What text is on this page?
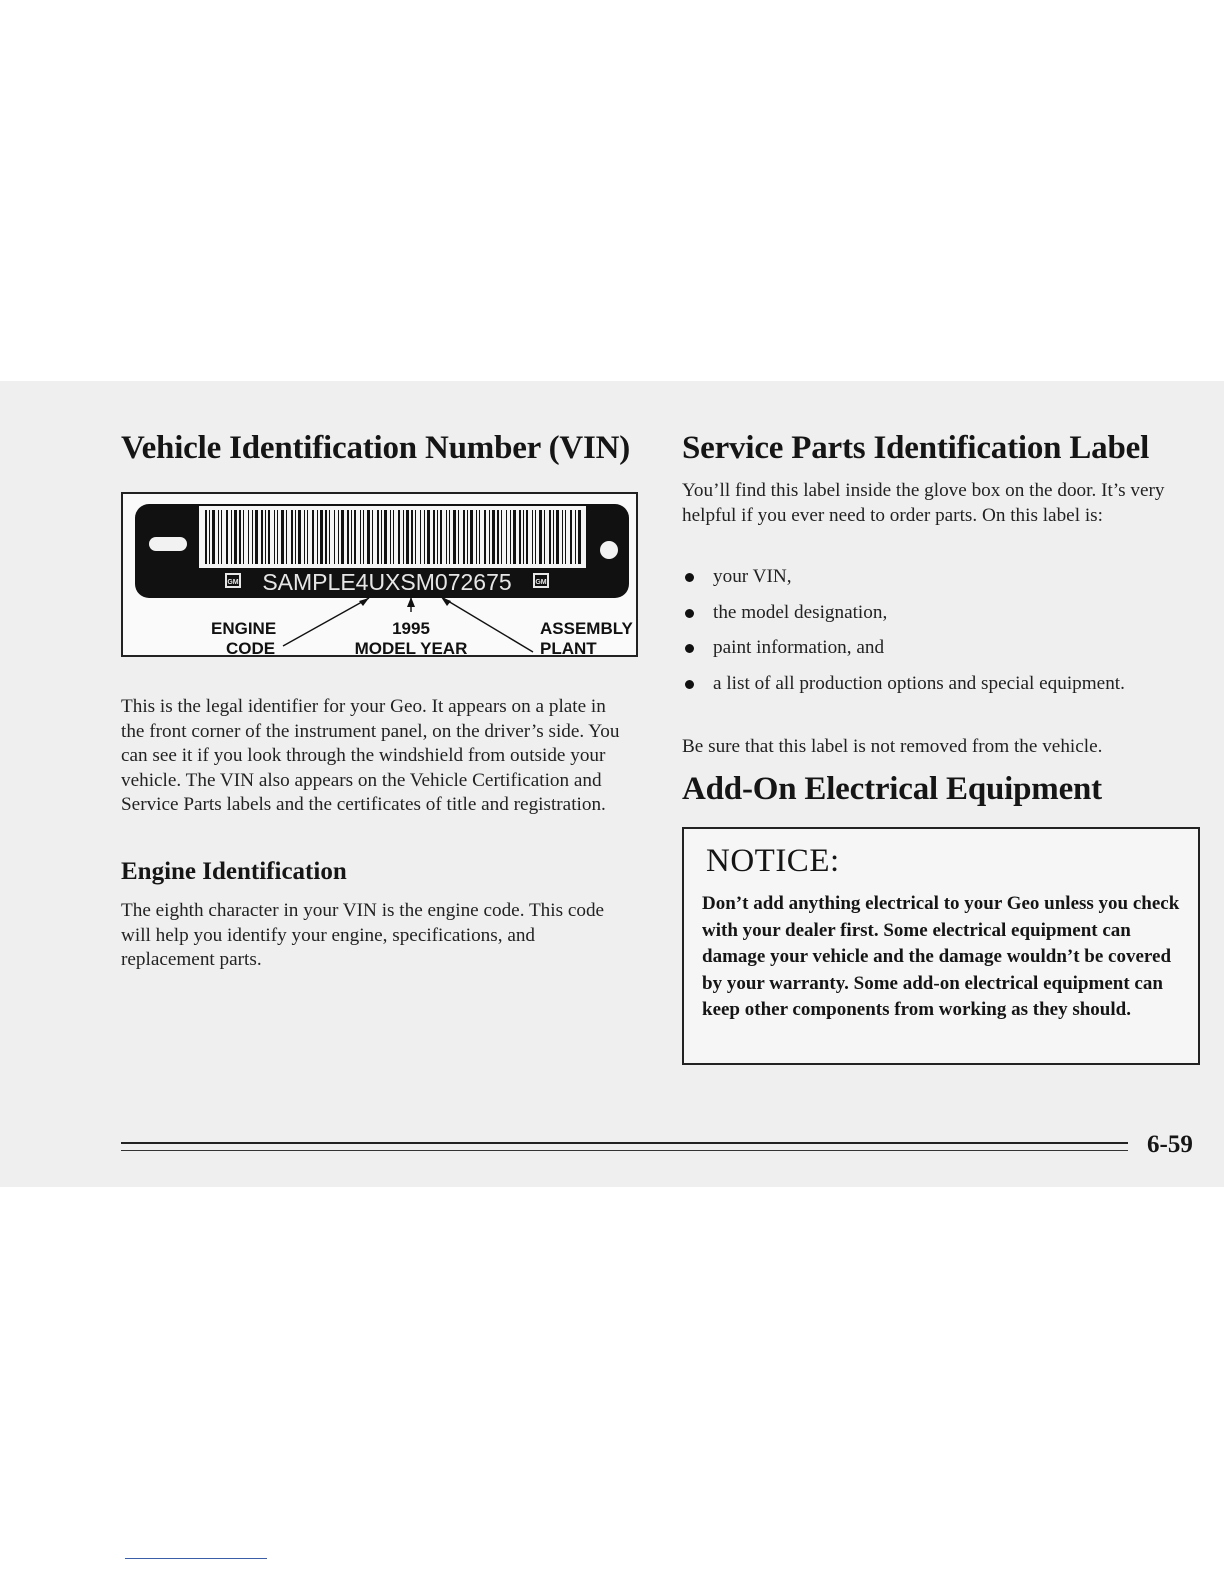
Vehicle Identification Number (VIN)
GM	GM
SAMPLE4UXSM072675
ENGINE
CODE
1995
MODEL YEAR
ASSEMBLY
PLANT

This is the legal identifier for your Geo. It appears on a plate in the front corner of the instrument panel, on the driver’s side. You can see it if you look through the windshield from outside your vehicle. The VIN also appears on the Vehicle Certification and Service Parts labels and the certificates of title and registration.

Engine Identification

The eighth character in your VIN is the engine code. This code will help you identify your engine, specifications, and replacement parts.

Service Parts Identification Label

You’ll find this label inside the glove box on the door. It’s very helpful if you ever need to order parts. On this label is:

your VIN,
the model designation,
paint information, and
a list of all production options and special equipment.

Be sure that this label is not removed from the vehicle.

Add-On Electrical Equipment
NOTICE:

Don’t add anything electrical to your Geo unless you check with your dealer first. Some electrical equipment can damage your vehicle and the damage wouldn’t be covered by your warranty. Some add-on electrical equipment can keep other components from working as they should.

6-59
